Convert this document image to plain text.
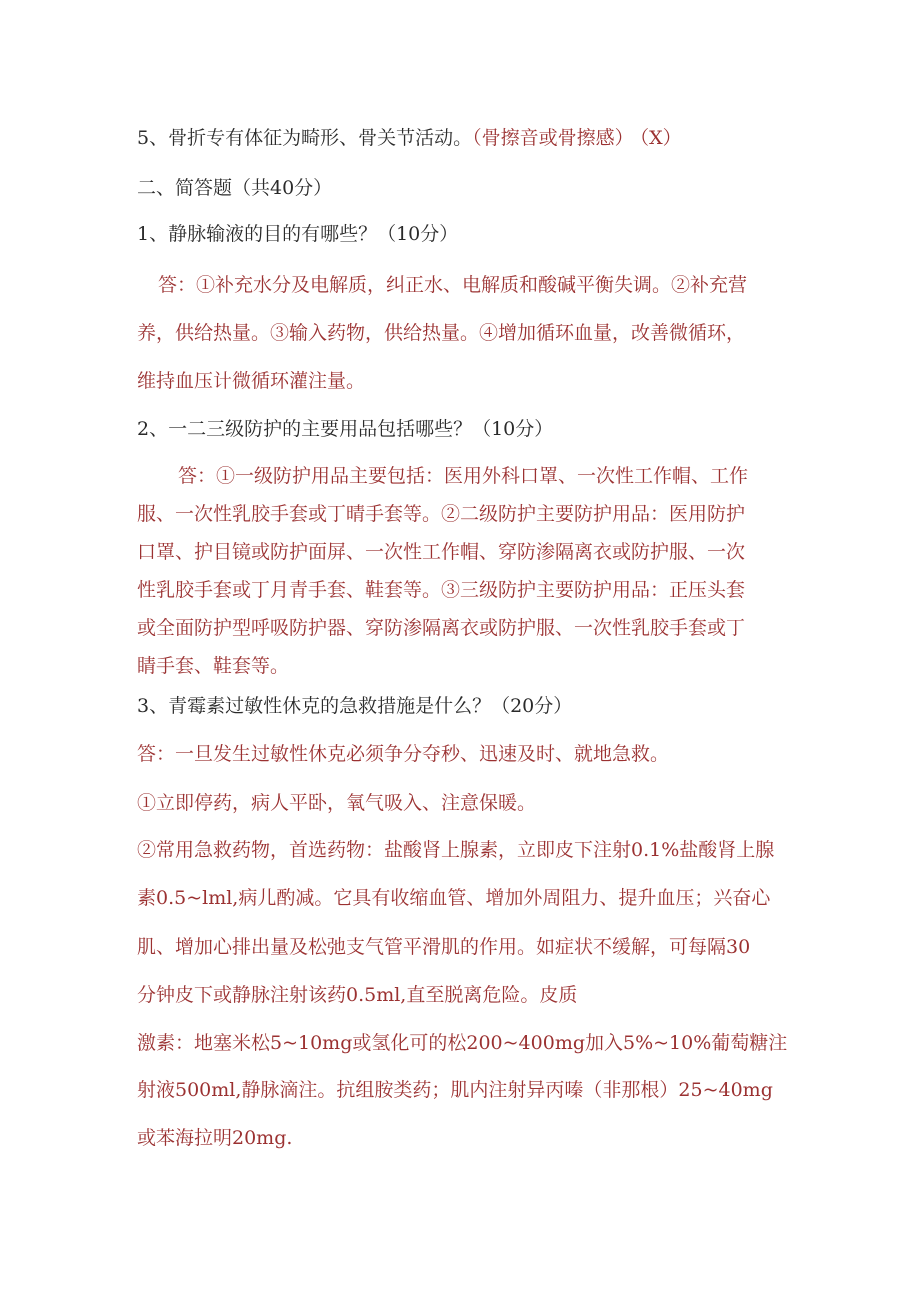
5、骨折专有体征为畸形、骨关节活动。（骨擦音或骨擦感） （X）
二、简答题（共40分）
1、静脉输液的目的有哪些？（10分）
答：①补充水分及电解质，纠正水、电解质和酸碱平衡失调。②补充营
养，供给热量。③输入药物，供给热量。④增加循环血量，改善微循环，
维持血压计微循环灌注量。
2、一二三级防护的主要用品包括哪些？（10分）
答：①一级防护用品主要包括：医用外科口罩、一次性工作帽、工作
服、一次性乳胶手套或丁晴手套等。②二级防护主要防护用品：医用防护
口罩、护目镜或防护面屏、一次性工作帽、穿防渗隔离衣或防护服、一次
性乳胶手套或丁月青手套、鞋套等。③三级防护主要防护用品：正压头套
或全面防护型呼吸防护器、穿防渗隔离衣或防护服、一次性乳胶手套或丁
睛手套、鞋套等。
3、青霉素过敏性休克的急救措施是什么？（20分）
答：一旦发生过敏性休克必须争分夺秒、迅速及时、就地急救。
①立即停药，病人平卧，氧气吸入、注意保暖。
②常用急救药物，首选药物：盐酸肾上腺素，立即皮下注射0.1%盐酸肾上腺
素0.5~lml,病儿酌减。它具有收缩血管、增加外周阻力、提升血压；兴奋心
肌、增加心排出量及松弛支气管平滑肌的作用。如症状不缓解，可每隔30
分钟皮下或静脉注射该药0.5ml,直至脱离危险。皮质
激素：地塞米松5~10mg或氢化可的松200~400mg加入5%~10%葡萄糖注
射液500ml,静脉滴注。抗组胺类药；肌内注射异丙嗪（非那根）25~40mg
或苯海拉明20mg.
